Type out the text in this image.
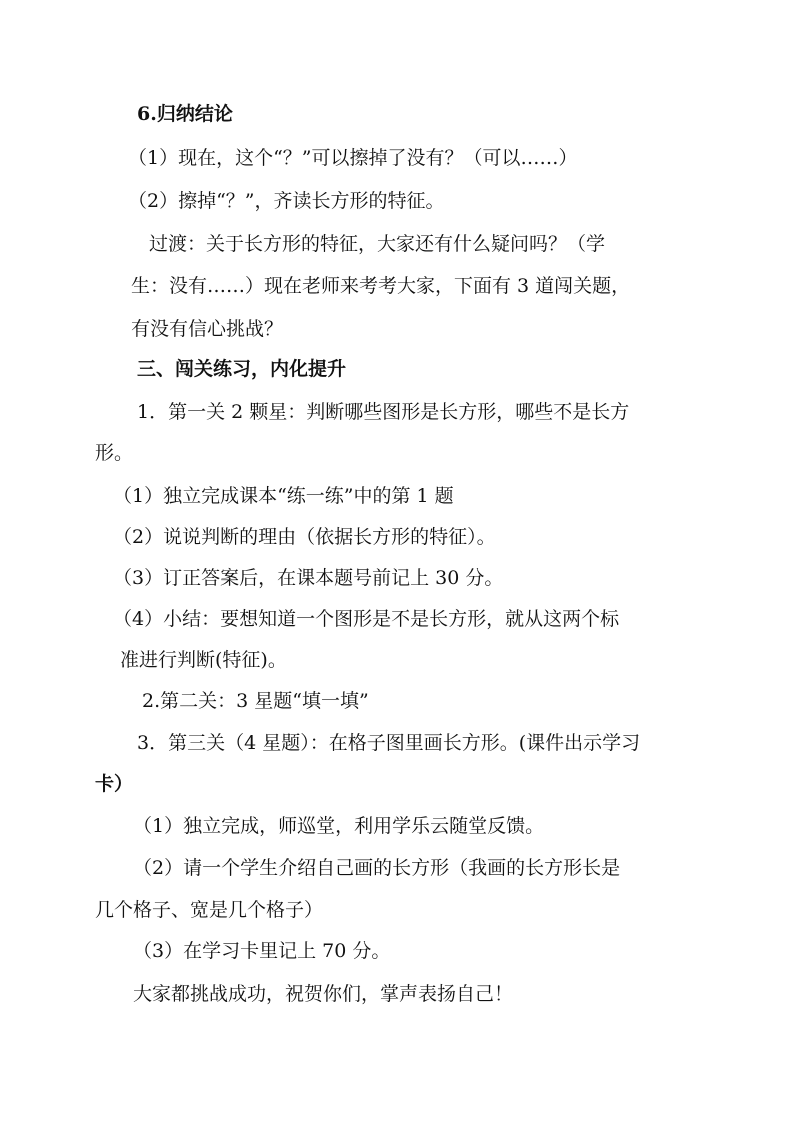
6.归纳结论
（1）现在，这个“？”可以擦掉了没有？（可以……）
（2）擦掉“？”，齐读长方形的特征。
过渡：关于长方形的特征，大家还有什么疑问吗？（学
生：没有……）现在老师来考考大家，下面有 3 道闯关题，
有没有信心挑战？
三、闯关练习，内化提升
1．第一关 2 颗星：判断哪些图形是长方形，哪些不是长方
形。
（1）独立完成课本“练一练”中的第 1 题
（2）说说判断的理由（依据长方形的特征）。
（3）订正答案后，在课本题号前记上 30 分。
（4）小结：要想知道一个图形是不是长方形，就从这两个标
准进行判断(特征)。
2.第二关：3 星题“填一填”
3．第三关（4 星题）：在格子图里画长方形。(课件出示学习
卡）
（1）独立完成，师巡堂，利用学乐云随堂反馈。
（2）请一个学生介绍自己画的长方形（我画的长方形长是
几个格子、宽是几个格子）
（3）在学习卡里记上 70 分。
大家都挑战成功，祝贺你们，掌声表扬自己！
